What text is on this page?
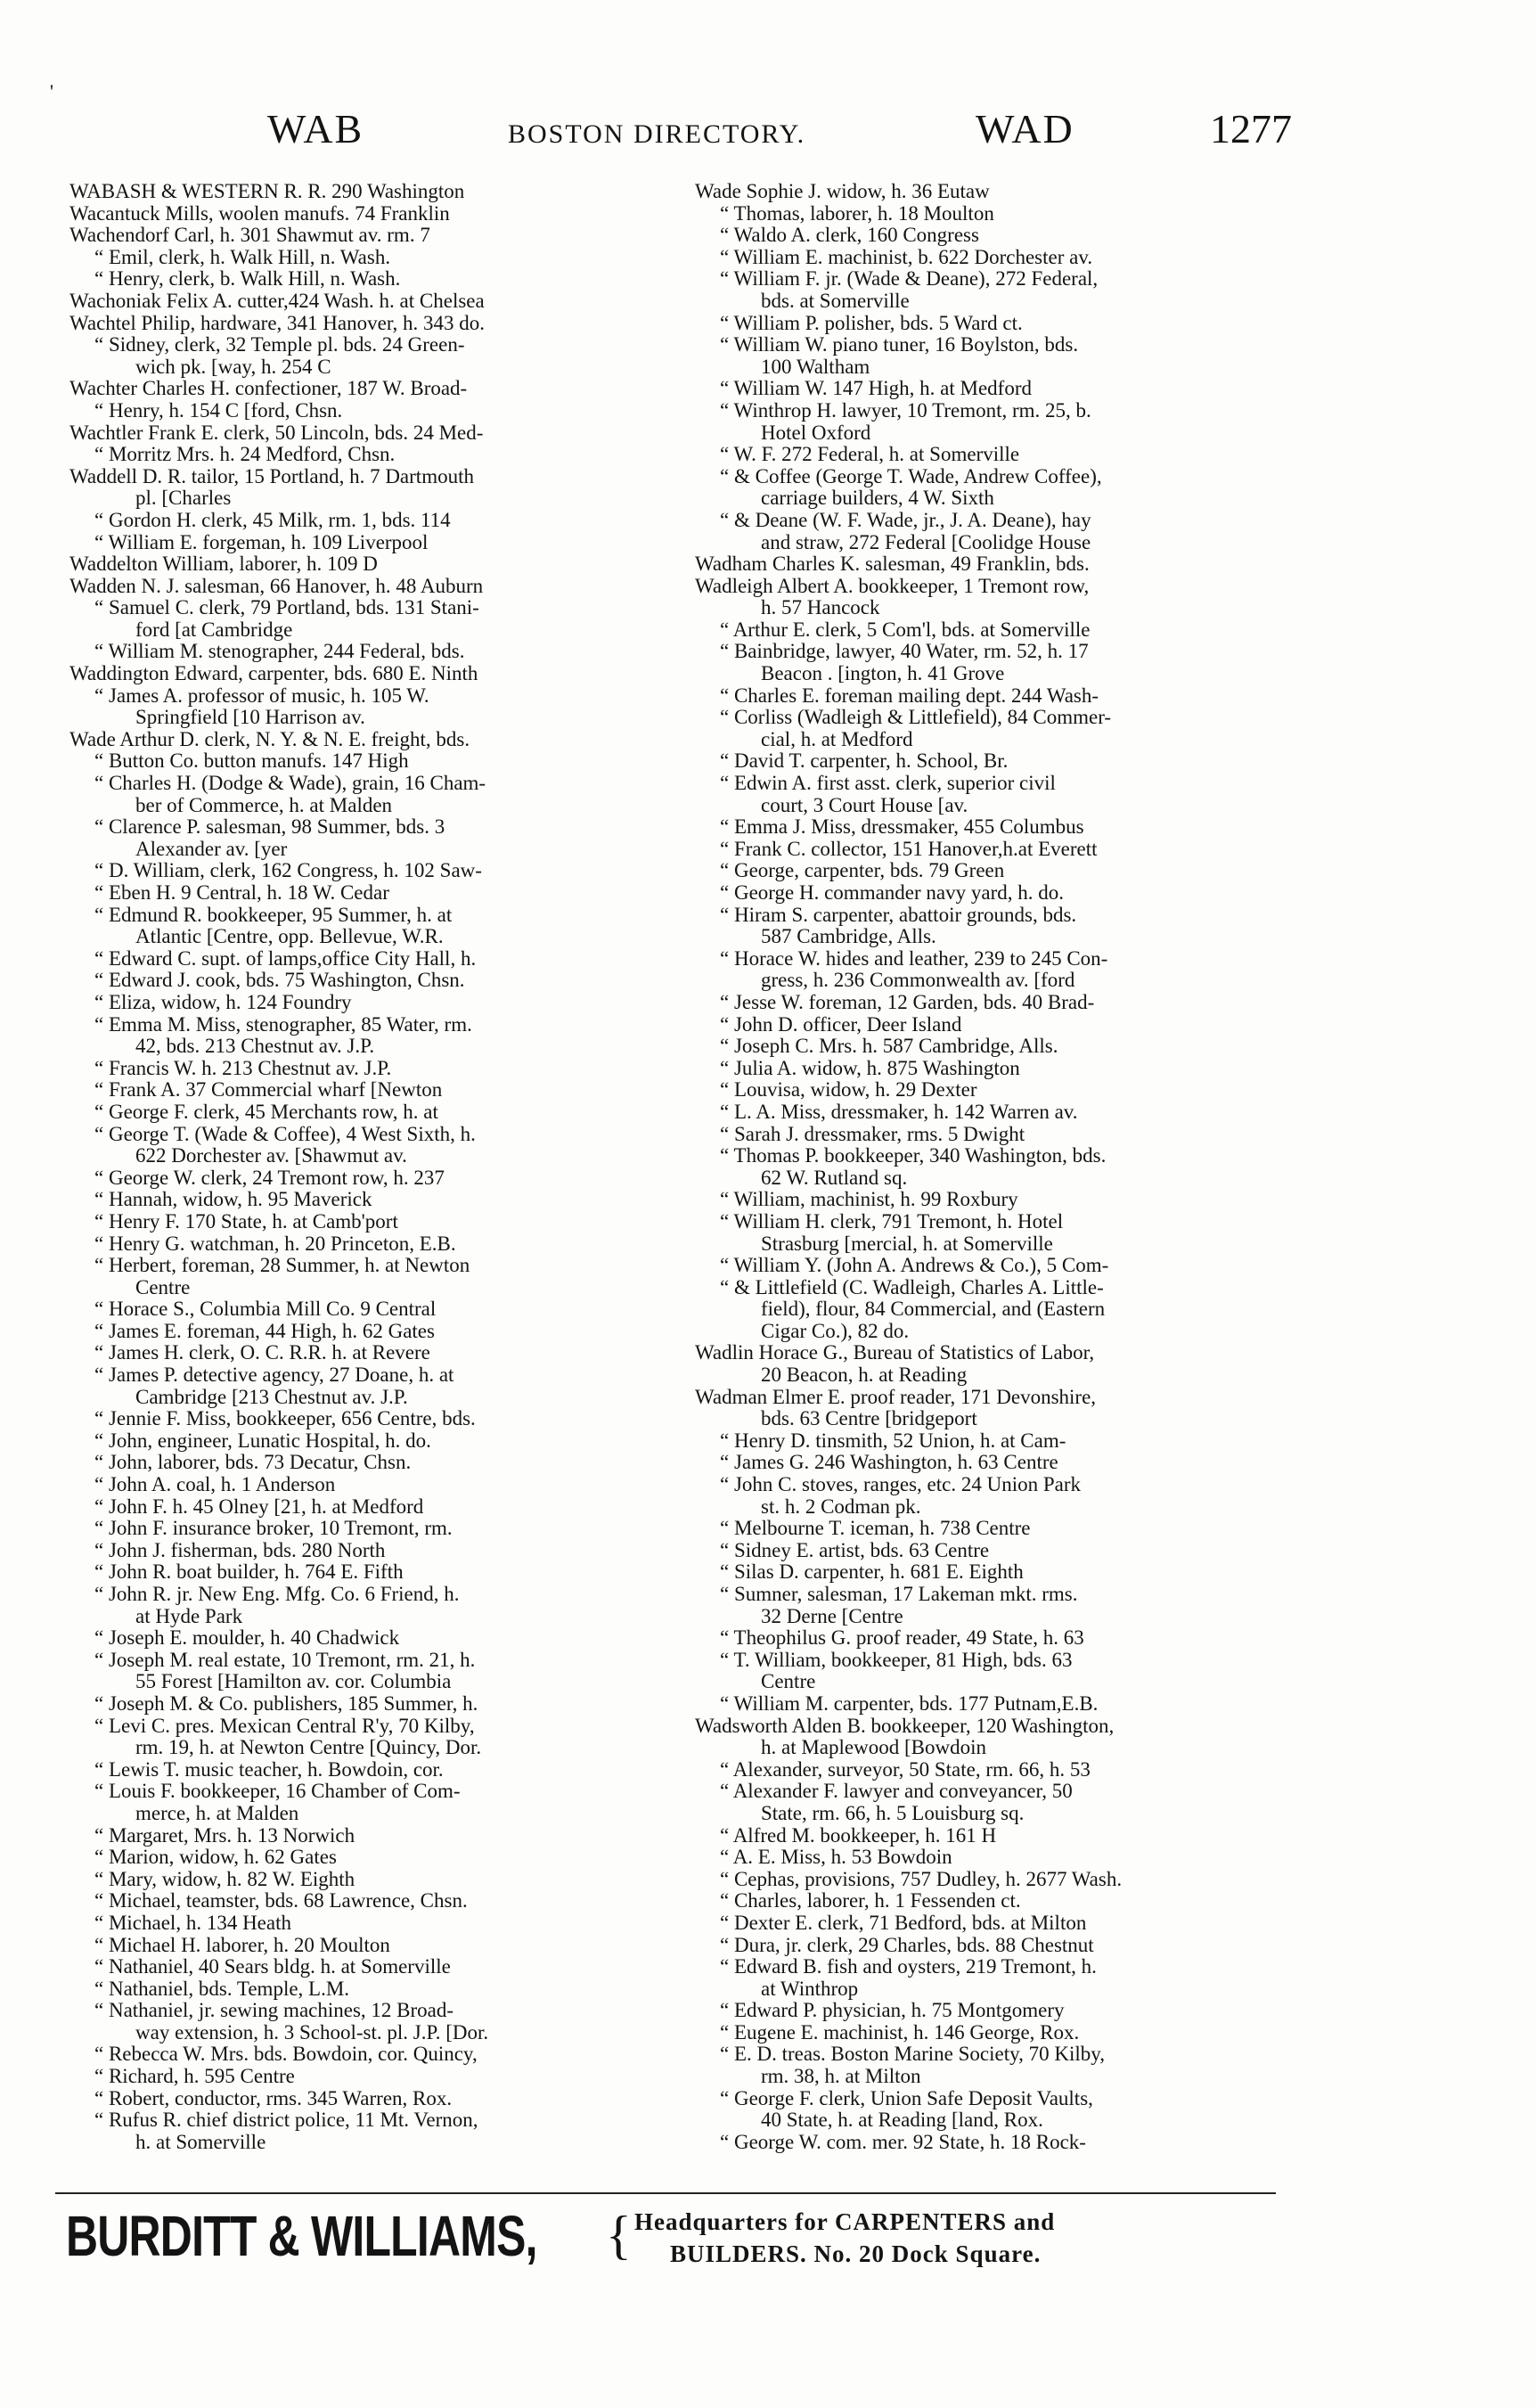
'
WAB	BOSTON DIRECTORY.	WAD	1277
WABASH & WESTERN R. R. 290 Washington
Wacantuck Mills, woolen manufs. 74 Franklin
Wachendorf Carl, h. 301 Shawmut av. rm. 7
“ Emil, clerk, h. Walk Hill, n. Wash.
“ Henry, clerk, b. Walk Hill, n. Wash.
Wachoniak Felix A. cutter,424 Wash. h. at Chelsea
Wachtel Philip, hardware, 341 Hanover, h. 343 do.
“ Sidney, clerk, 32 Temple pl. bds. 24 Green-
wich pk. [way, h. 254 C
Wachter Charles H. confectioner, 187 W. Broad-
“ Henry, h. 154 C [ford, Chsn.
Wachtler Frank E. clerk, 50 Lincoln, bds. 24 Med-
“ Morritz Mrs. h. 24 Medford, Chsn.
Waddell D. R. tailor, 15 Portland, h. 7 Dartmouth
pl. [Charles
“ Gordon H. clerk, 45 Milk, rm. 1, bds. 114
“ William E. forgeman, h. 109 Liverpool
Waddelton William, laborer, h. 109 D
Wadden N. J. salesman, 66 Hanover, h. 48 Auburn
“ Samuel C. clerk, 79 Portland, bds. 131 Stani-
ford [at Cambridge
“ William M. stenographer, 244 Federal, bds.
Waddington Edward, carpenter, bds. 680 E. Ninth
“ James A. professor of music, h. 105 W.
Springfield [10 Harrison av.
Wade Arthur D. clerk, N. Y. & N. E. freight, bds.
“ Button Co. button manufs. 147 High
“ Charles H. (Dodge & Wade), grain, 16 Cham-
ber of Commerce, h. at Malden
“ Clarence P. salesman, 98 Summer, bds. 3
Alexander av. [yer
“ D. William, clerk, 162 Congress, h. 102 Saw-
“ Eben H. 9 Central, h. 18 W. Cedar
“ Edmund R. bookkeeper, 95 Summer, h. at
Atlantic [Centre, opp. Bellevue, W.R.
“ Edward C. supt. of lamps,office City Hall, h.
“ Edward J. cook, bds. 75 Washington, Chsn.
“ Eliza, widow, h. 124 Foundry
“ Emma M. Miss, stenographer, 85 Water, rm.
42, bds. 213 Chestnut av. J.P.
“ Francis W. h. 213 Chestnut av. J.P.
“ Frank A. 37 Commercial wharf [Newton
“ George F. clerk, 45 Merchants row, h. at
“ George T. (Wade & Coffee), 4 West Sixth, h.
622 Dorchester av. [Shawmut av.
“ George W. clerk, 24 Tremont row, h. 237
“ Hannah, widow, h. 95 Maverick
“ Henry F. 170 State, h. at Camb'port
“ Henry G. watchman, h. 20 Princeton, E.B.
“ Herbert, foreman, 28 Summer, h. at Newton
Centre
“ Horace S., Columbia Mill Co. 9 Central
“ James E. foreman, 44 High, h. 62 Gates
“ James H. clerk, O. C. R.R. h. at Revere
“ James P. detective agency, 27 Doane, h. at
Cambridge [213 Chestnut av. J.P.
“ Jennie F. Miss, bookkeeper, 656 Centre, bds.
“ John, engineer, Lunatic Hospital, h. do.
“ John, laborer, bds. 73 Decatur, Chsn.
“ John A. coal, h. 1 Anderson
“ John F. h. 45 Olney [21, h. at Medford
“ John F. insurance broker, 10 Tremont, rm.
“ John J. fisherman, bds. 280 North
“ John R. boat builder, h. 764 E. Fifth
“ John R. jr. New Eng. Mfg. Co. 6 Friend, h.
at Hyde Park
“ Joseph E. moulder, h. 40 Chadwick
“ Joseph M. real estate, 10 Tremont, rm. 21, h.
55 Forest [Hamilton av. cor. Columbia
“ Joseph M. & Co. publishers, 185 Summer, h.
“ Levi C. pres. Mexican Central R'y, 70 Kilby,
rm. 19, h. at Newton Centre [Quincy, Dor.
“ Lewis T. music teacher, h. Bowdoin, cor.
“ Louis F. bookkeeper, 16 Chamber of Com-
merce, h. at Malden
“ Margaret, Mrs. h. 13 Norwich
“ Marion, widow, h. 62 Gates
“ Mary, widow, h. 82 W. Eighth
“ Michael, teamster, bds. 68 Lawrence, Chsn.
“ Michael, h. 134 Heath
“ Michael H. laborer, h. 20 Moulton
“ Nathaniel, 40 Sears bldg. h. at Somerville
“ Nathaniel, bds. Temple, L.M.
“ Nathaniel, jr. sewing machines, 12 Broad-
way extension, h. 3 School-st. pl. J.P. [Dor.
“ Rebecca W. Mrs. bds. Bowdoin, cor. Quincy,
“ Richard, h. 595 Centre
“ Robert, conductor, rms. 345 Warren, Rox.
“ Rufus R. chief district police, 11 Mt. Vernon,
h. at Somerville
Wade Sophie J. widow, h. 36 Eutaw
“ Thomas, laborer, h. 18 Moulton
“ Waldo A. clerk, 160 Congress
“ William E. machinist, b. 622 Dorchester av.
“ William F. jr. (Wade & Deane), 272 Federal,
bds. at Somerville
“ William P. polisher, bds. 5 Ward ct.
“ William W. piano tuner, 16 Boylston, bds.
100 Waltham
“ William W. 147 High, h. at Medford
“ Winthrop H. lawyer, 10 Tremont, rm. 25, b.
Hotel Oxford
“ W. F. 272 Federal, h. at Somerville
“ & Coffee (George T. Wade, Andrew Coffee),
carriage builders, 4 W. Sixth
“ & Deane (W. F. Wade, jr., J. A. Deane), hay
and straw, 272 Federal [Coolidge House
Wadham Charles K. salesman, 49 Franklin, bds.
Wadleigh Albert A. bookkeeper, 1 Tremont row,
h. 57 Hancock
“ Arthur E. clerk, 5 Com'l, bds. at Somerville
“ Bainbridge, lawyer, 40 Water, rm. 52, h. 17
Beacon . [ington, h. 41 Grove
“ Charles E. foreman mailing dept. 244 Wash-
“ Corliss (Wadleigh & Littlefield), 84 Commer-
cial, h. at Medford
“ David T. carpenter, h. School, Br.
“ Edwin A. first asst. clerk, superior civil
court, 3 Court House [av.
“ Emma J. Miss, dressmaker, 455 Columbus
“ Frank C. collector, 151 Hanover,h.at Everett
“ George, carpenter, bds. 79 Green
“ George H. commander navy yard, h. do.
“ Hiram S. carpenter, abattoir grounds, bds.
587 Cambridge, Alls.
“ Horace W. hides and leather, 239 to 245 Con-
gress, h. 236 Commonwealth av. [ford
“ Jesse W. foreman, 12 Garden, bds. 40 Brad-
“ John D. officer, Deer Island
“ Joseph C. Mrs. h. 587 Cambridge, Alls.
“ Julia A. widow, h. 875 Washington
“ Louvisa, widow, h. 29 Dexter
“ L. A. Miss, dressmaker, h. 142 Warren av.
“ Sarah J. dressmaker, rms. 5 Dwight
“ Thomas P. bookkeeper, 340 Washington, bds.
62 W. Rutland sq.
“ William, machinist, h. 99 Roxbury
“ William H. clerk, 791 Tremont, h. Hotel
Strasburg [mercial, h. at Somerville
“ William Y. (John A. Andrews & Co.), 5 Com-
“ & Littlefield (C. Wadleigh, Charles A. Little-
field), flour, 84 Commercial, and (Eastern
Cigar Co.), 82 do.
Wadlin Horace G., Bureau of Statistics of Labor,
20 Beacon, h. at Reading
Wadman Elmer E. proof reader, 171 Devonshire,
bds. 63 Centre [bridgeport
“ Henry D. tinsmith, 52 Union, h. at Cam-
“ James G. 246 Washington, h. 63 Centre
“ John C. stoves, ranges, etc. 24 Union Park
st. h. 2 Codman pk.
“ Melbourne T. iceman, h. 738 Centre
“ Sidney E. artist, bds. 63 Centre
“ Silas D. carpenter, h. 681 E. Eighth
“ Sumner, salesman, 17 Lakeman mkt. rms.
32 Derne [Centre
“ Theophilus G. proof reader, 49 State, h. 63
“ T. William, bookkeeper, 81 High, bds. 63
Centre
“ William M. carpenter, bds. 177 Putnam,E.B.
Wadsworth Alden B. bookkeeper, 120 Washington,
h. at Maplewood [Bowdoin
“ Alexander, surveyor, 50 State, rm. 66, h. 53
“ Alexander F. lawyer and conveyancer, 50
State, rm. 66, h. 5 Louisburg sq.
“ Alfred M. bookkeeper, h. 161 H
“ A. E. Miss, h. 53 Bowdoin
“ Cephas, provisions, 757 Dudley, h. 2677 Wash.
“ Charles, laborer, h. 1 Fessenden ct.
“ Dexter E. clerk, 71 Bedford, bds. at Milton
“ Dura, jr. clerk, 29 Charles, bds. 88 Chestnut
“ Edward B. fish and oysters, 219 Tremont, h.
at Winthrop
“ Edward P. physician, h. 75 Montgomery
“ Eugene E. machinist, h. 146 George, Rox.
“ E. D. treas. Boston Marine Society, 70 Kilby,
rm. 38, h. at Milton
“ George F. clerk, Union Safe Deposit Vaults,
40 State, h. at Reading [land, Rox.
“ George W. com. mer. 92 State, h. 18 Rock-
BURDITT & WILLIAMS, { Headquarters for CARPENTERS and
BUILDERS. No. 20 Dock Square.
